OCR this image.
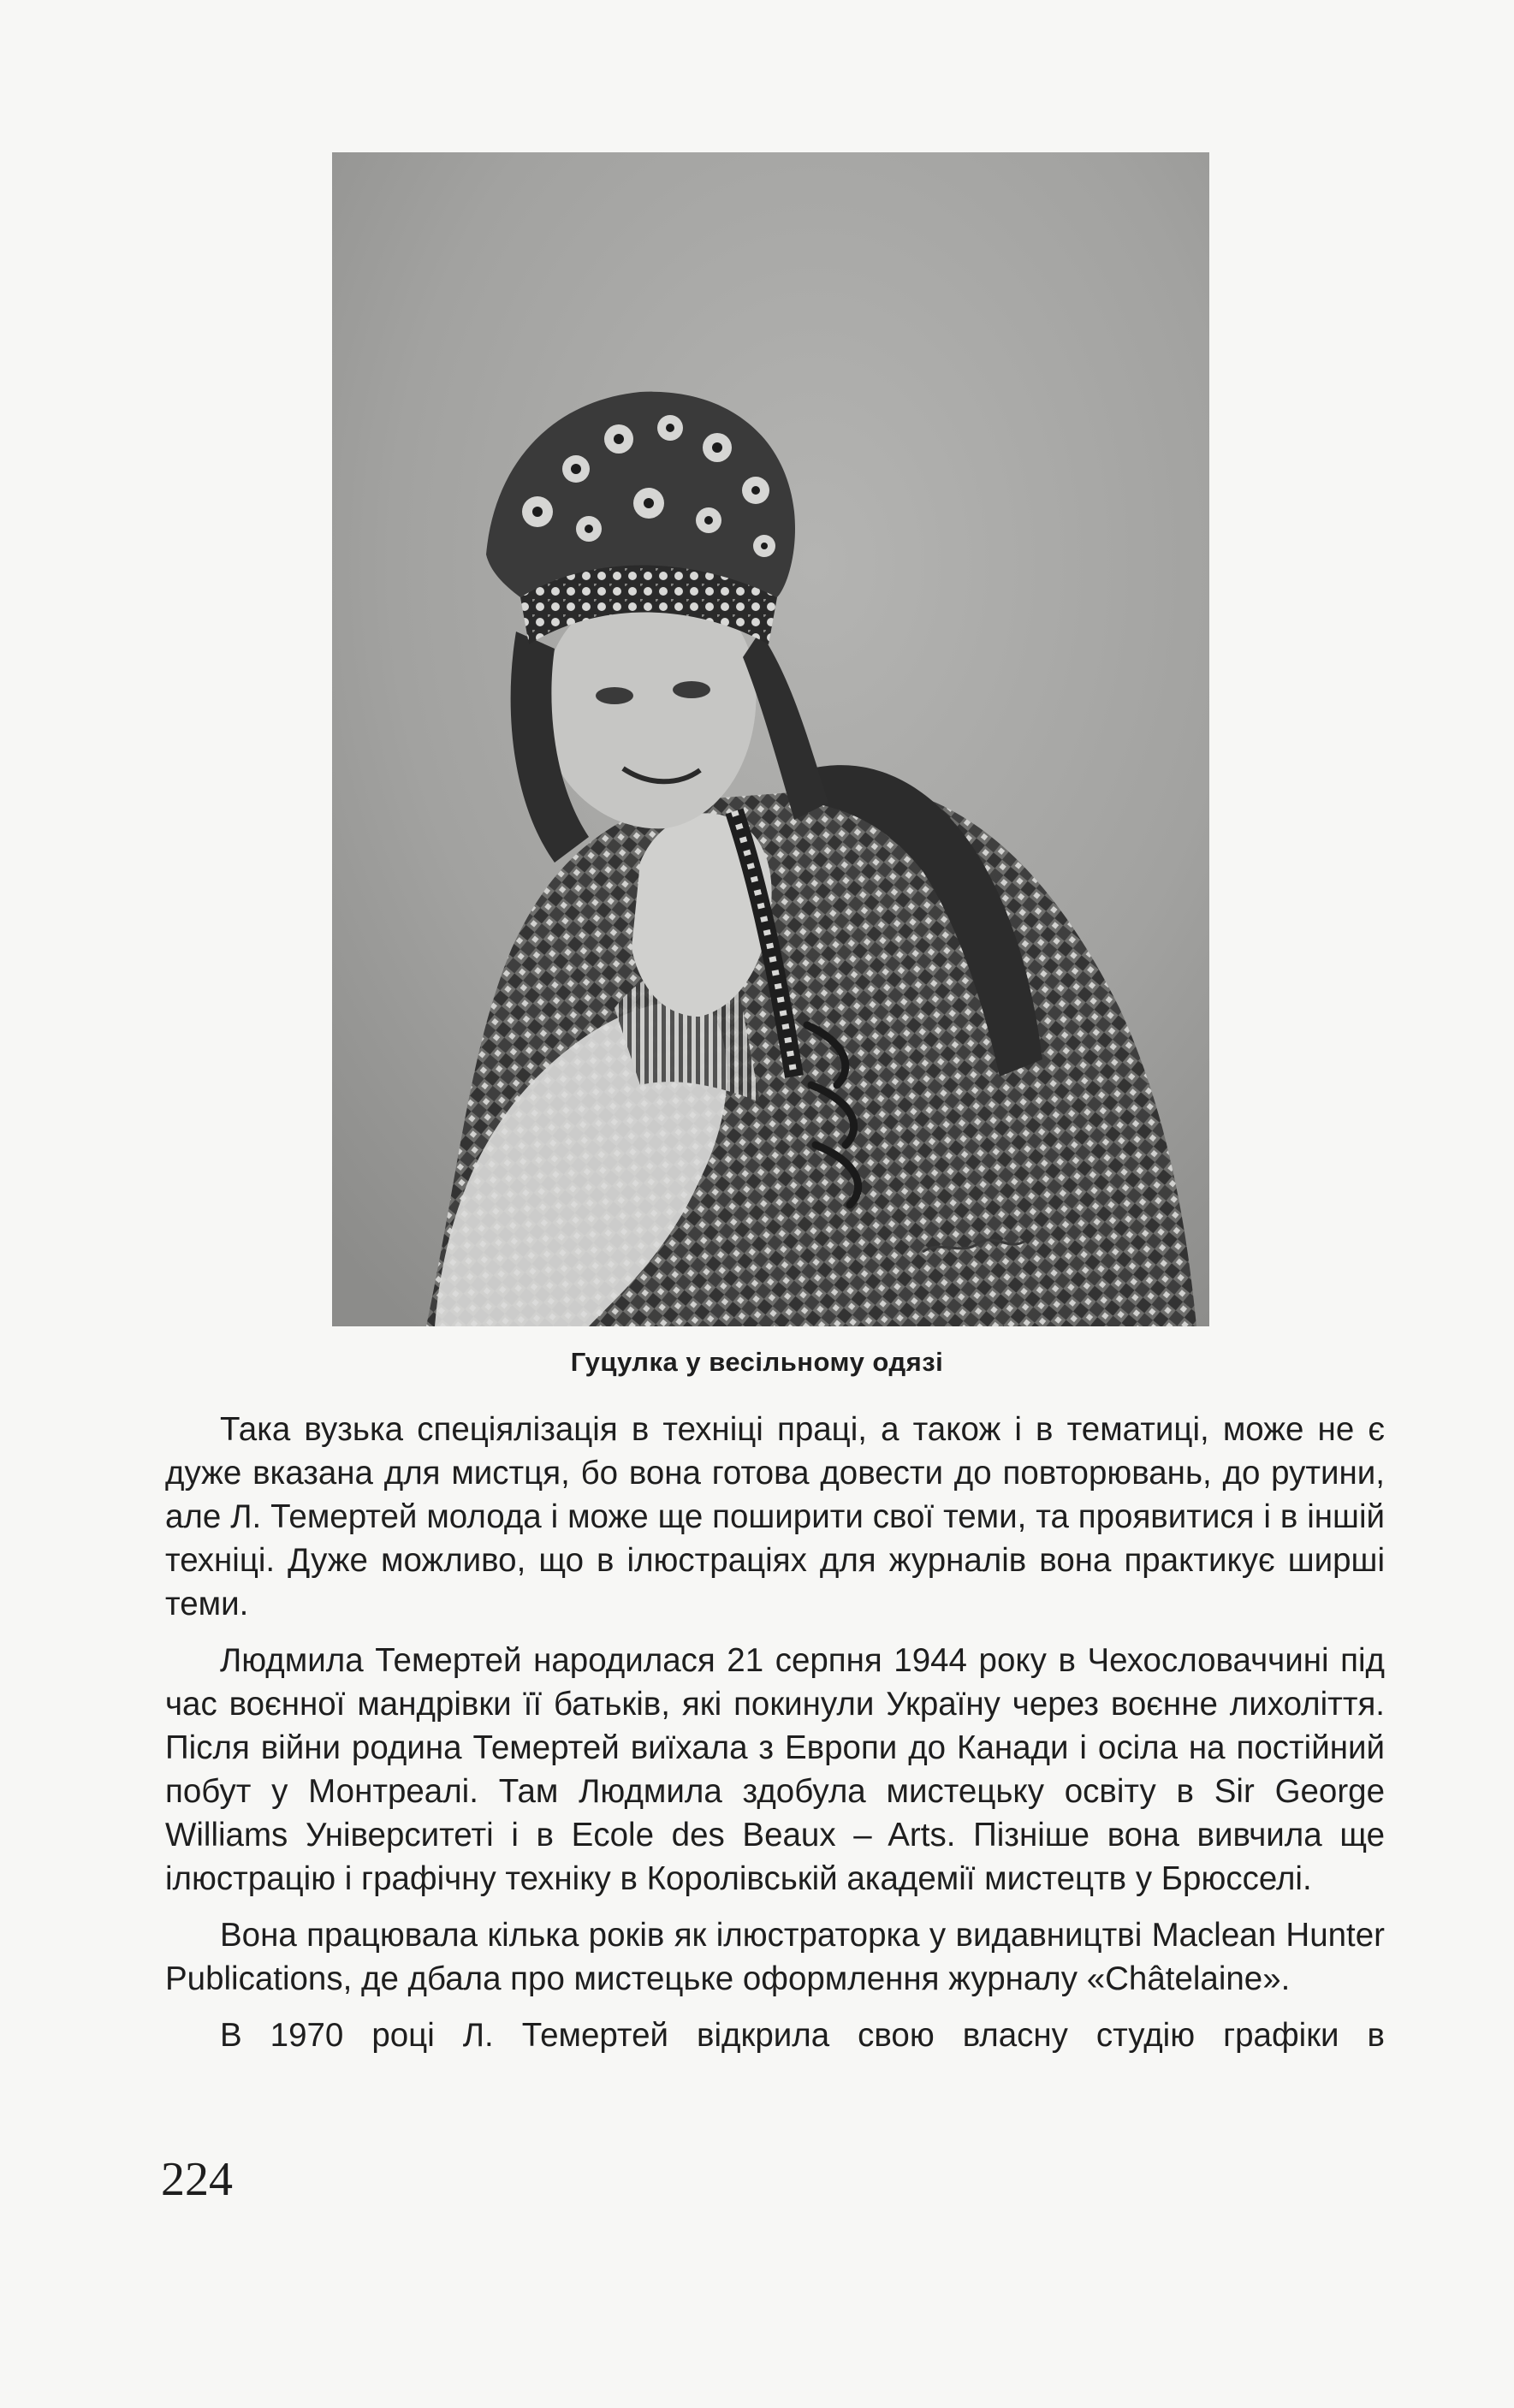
Гуцулка у весільному одязі

Така вузька спеціялізація в техніці праці, а також і в тематиці, може не є дуже вказана для мистця, бо вона готова довести до повторювань, до рутини, але Л. Темертей молода і може ще поширити свої теми, та проявитися і в іншій техніці. Дуже можливо, що в ілюстраціях для журналів вона практикує ширші теми.

Людмила Темертей народилася 21 серпня 1944 року в Чехословаччині під час воєнної мандрівки її батьків, які покинули Україну через воєнне лихоліття. Після війни родина Темертей виїхала з Европи до Канади і осіла на постійний побут у Монтреалі. Там Людмила здобула мистецьку освіту в Sir George Williams Університеті і в Ecole des Beaux – Arts. Пізніше вона вивчила ще ілюстрацію і графічну техніку в Королівській академії мистецтв у Брюсселі.

Вона працювала кілька років як ілюстраторка у видавництві Maclean Hunter Publications, де дбала про мистецьке оформлення журналу «Châtelaine».

В 1970 році Л. Темертей відкрила свою власну студію графіки в

224
